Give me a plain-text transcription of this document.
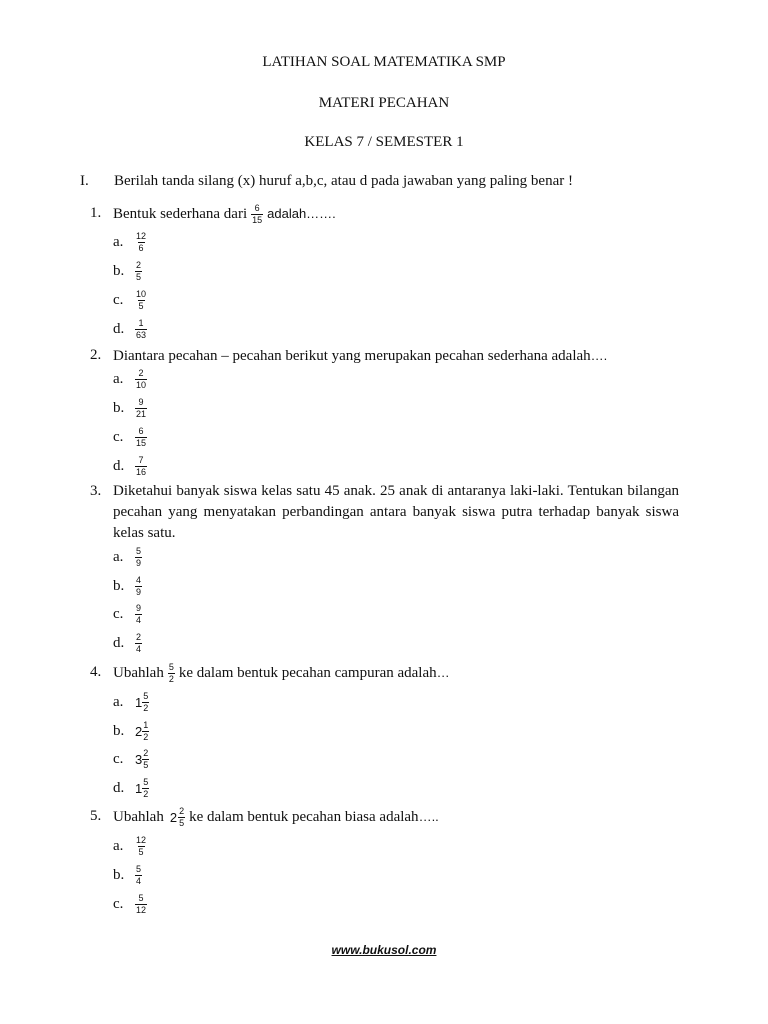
LATIHAN SOAL MATEMATIKA SMP
MATERI PECAHAN
KELAS 7 / SEMESTER 1
I. Berilah tanda silang (x) huruf a,b,c, atau d pada jawaban yang paling benar !
1. Bentuk sederhana dari $\frac{6}{15}$ adalah…….
a.	$\frac{12}{6}$
b.	$\frac{2}{5}$
c.	$\frac{10}{5}$
d.	$\frac{1}{63}$
2. Diantara pecahan – pecahan berikut yang merupakan pecahan sederhana adalah….
a.	$\frac{2}{10}$
b.	$\frac{9}{21}$
c.	$\frac{6}{15}$
d.	$\frac{7}{16}$
3. Diketahui banyak siswa kelas satu 45 anak. 25 anak di antaranya laki-laki. Tentukan bilangan pecahan yang menyatakan perbandingan antara banyak siswa putra terhadap banyak siswa kelas satu.
a.	$\frac{5}{9}$
b.	$\frac{4}{9}$
c.	$\frac{9}{4}$
d.	$\frac{2}{4}$
4. Ubahlah $\frac{5}{2}$ ke dalam bentuk pecahan campuran adalah…
a. $1 \frac{5}{2}$
b. $2 \frac{1}{2}$
c. $3 \frac{2}{5}$
d. $1 \frac{5}{2}$
5. Ubahlah $2 \frac{2}{5}$ ke dalam bentuk pecahan biasa adalah…..
a.	$\frac{12}{5}$
b.	$\frac{5}{4}$
c.	$\frac{5}{12}$
www.bukusol.com
